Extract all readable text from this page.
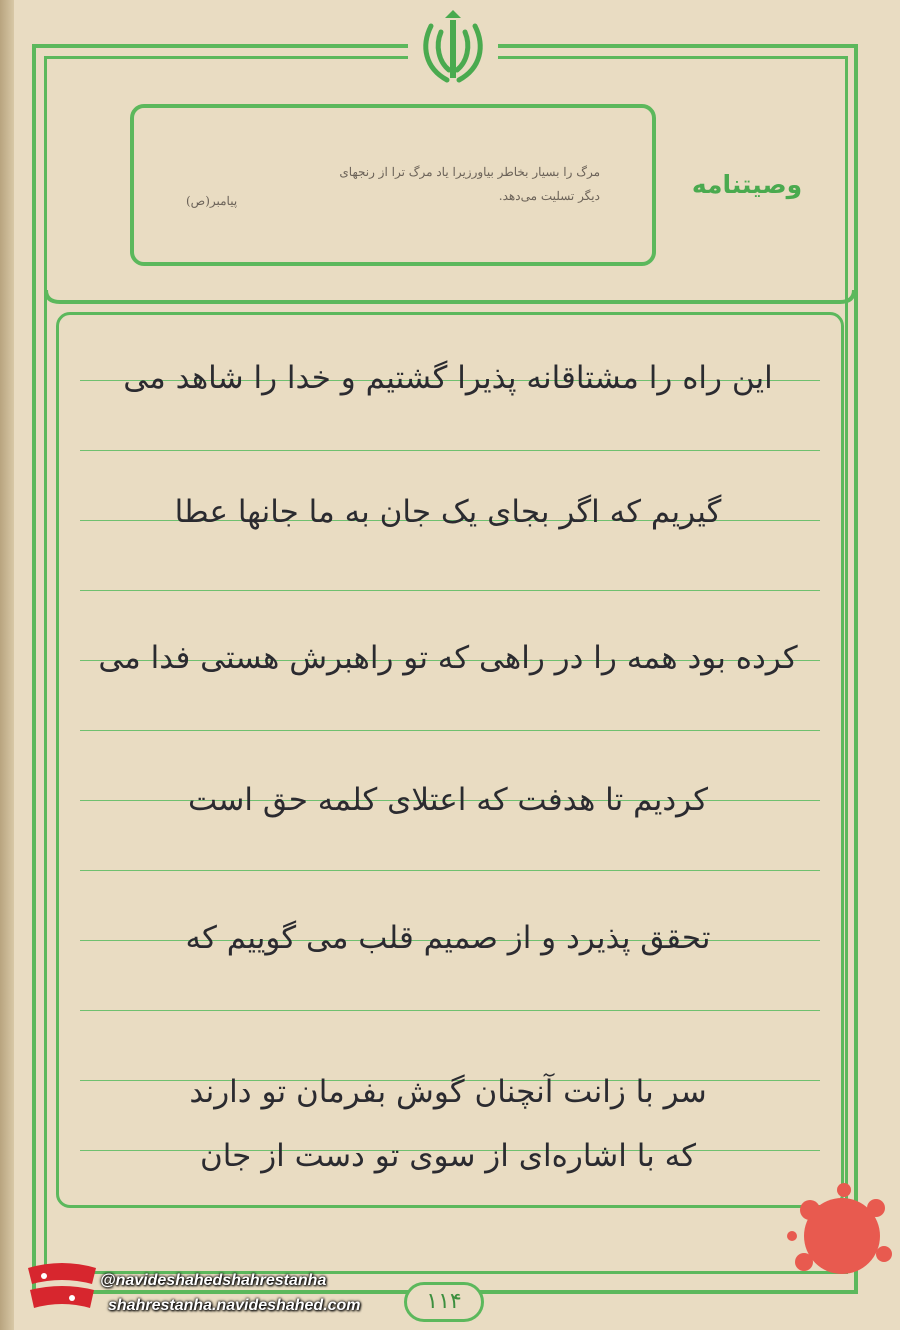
مرگ را بسیار بخاطر بیاورزیرا یاد مرگ ترا از رنجهای
دیگر تسلیت می‌دهد.
پیامبر(ص)
وصیتنامه
این راه را مشتاقانه پذیرا گشتیم و خدا را شاهد می
گیریم که اگر بجای یک جان به ما جانها عطا
کرده بود همه را در راهی که تو راهبرش هستی فدا می
کردیم تا هدفت که اعتلای کلمه حق است
تحقق پذیرد و از صمیم قلب می گوییم که
سر با زانت آنچنان گوش بفرمان تو دارند
که با اشاره‌ای از سوی تو دست از جان
۱۱۴
@navideshahedshahrestanha
shahrestanha.navideshahed.com
